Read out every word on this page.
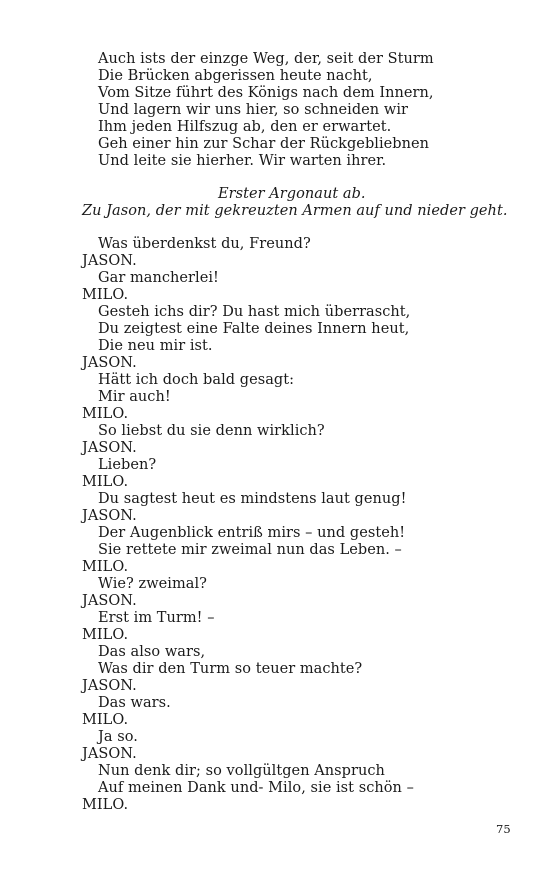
Auch ists der einzge Weg, der, seit der Sturm
Die Brücken abgerissen heute nacht,
Vom Sitze führt des Königs nach dem Innern,
Und lagern wir uns hier, so schneiden wir
Ihm jeden Hilfszug ab, den er erwartet.
Geh einer hin zur Schar der Rückgebliebnen
Und leite sie hierher. Wir warten ihrer.
Erster Argonaut ab.
Zu Jason, der mit gekreuzten Armen auf und nieder geht.
Was überdenkst du, Freund?
JASON.
Gar mancherlei!
MILO.
Gesteh ichs dir? Du hast mich überrascht,
Du zeigtest eine Falte deines Innern heut,
Die neu mir ist.
JASON.
Hätt ich doch bald gesagt:
Mir auch!
MILO.
So liebst du sie denn wirklich?
JASON.
Lieben?
MILO.
Du sagtest heut es mindstens laut genug!
JASON.
Der Augenblick entriß mirs – und gesteh!
Sie rettete mir zweimal nun das Leben. –
MILO.
Wie? zweimal?
JASON.
Erst im Turm! –
MILO.
Das also wars,
Was dir den Turm so teuer machte?
JASON.
Das wars.
MILO.
Ja so.
JASON.
Nun denk dir; so vollgültgen Anspruch
Auf meinen Dank und- Milo, sie ist schön –
MILO.
75
